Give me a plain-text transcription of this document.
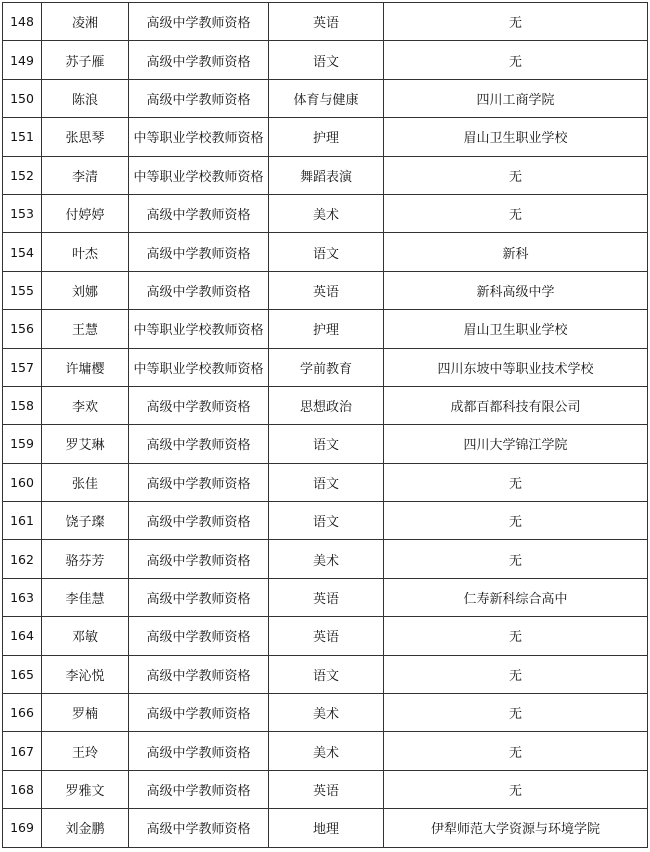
148	凌湘	高级中学教师资格	英语	无
149	苏子雁	高级中学教师资格	语文	无
150	陈浪	高级中学教师资格	体育与健康	四川工商学院
151	张思琴	中等职业学校教师资格	护理	眉山卫生职业学校
152	李清	中等职业学校教师资格	舞蹈表演	无
153	付婷婷	高级中学教师资格	美术	无
154	叶杰	高级中学教师资格	语文	新科
155	刘娜	高级中学教师资格	英语	新科高级中学
156	王慧	中等职业学校教师资格	护理	眉山卫生职业学校
157	许墉樱	中等职业学校教师资格	学前教育	四川东坡中等职业技术学校
158	李欢	高级中学教师资格	思想政治	成都百都科技有限公司
159	罗艾琳	高级中学教师资格	语文	四川大学锦江学院
160	张佳	高级中学教师资格	语文	无
161	饶子璨	高级中学教师资格	语文	无
162	骆芬芳	高级中学教师资格	美术	无
163	李佳慧	高级中学教师资格	英语	仁寿新科综合高中
164	邓敏	高级中学教师资格	英语	无
165	李沁悦	高级中学教师资格	语文	无
166	罗楠	高级中学教师资格	美术	无
167	王玲	高级中学教师资格	美术	无
168	罗雅文	高级中学教师资格	英语	无
169	刘金鹏	高级中学教师资格	地理	伊犁师范大学资源与环境学院
